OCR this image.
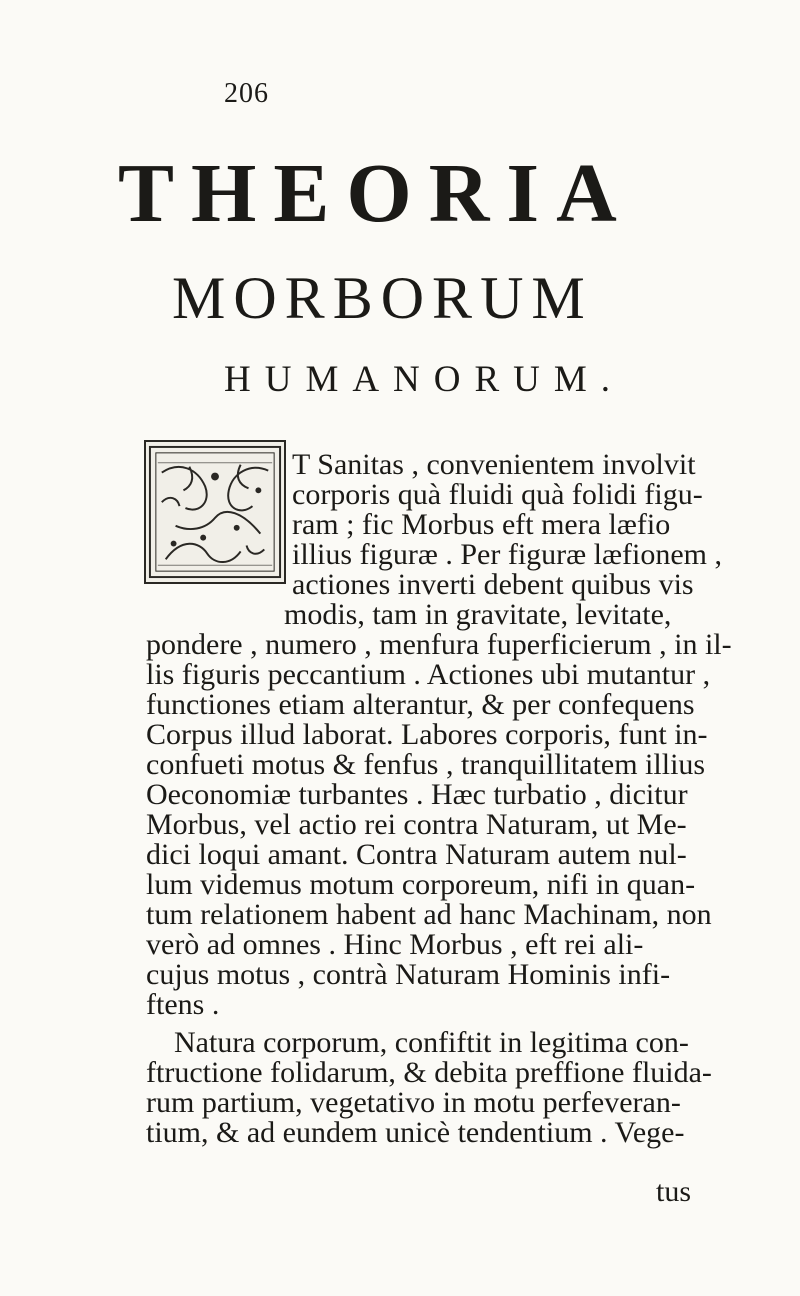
206
THEORIA
MORBORUM
HUMANORUM.
T Sanitas , convenientem involvit
corporis quà fluidi quà folidi figu-
ram ; fic Morbus eft mera læfio
illius figuræ . Per figuræ læfionem ,
actiones inverti debent quibus vis
modis, tam in gravitate, levitate,
pondere , numero , menfura fuperficierum , in il-
lis figuris peccantium . Actiones ubi mutantur ,
functiones etiam alterantur, & per confequens
Corpus illud laborat. Labores corporis, funt in-
confueti motus & fenfus , tranquillitatem illius
Oeconomiæ turbantes . Hæc turbatio , dicitur
Morbus, vel actio rei contra Naturam, ut Me-
dici loqui amant. Contra Naturam autem nul-
lum videmus motum corporeum, nifi in quan-
tum relationem habent ad hanc Machinam, non
verò ad omnes . Hinc Morbus , eft rei ali-
cujus motus , contrà Naturam Hominis infi-
ftens .
Natura corporum, confiftit in legitima con-
ftructione folidarum, & debita preffione fluida-
rum partium, vegetativo in motu perfeveran-
tium, & ad eundem unicè tendentium . Vege-
tus
